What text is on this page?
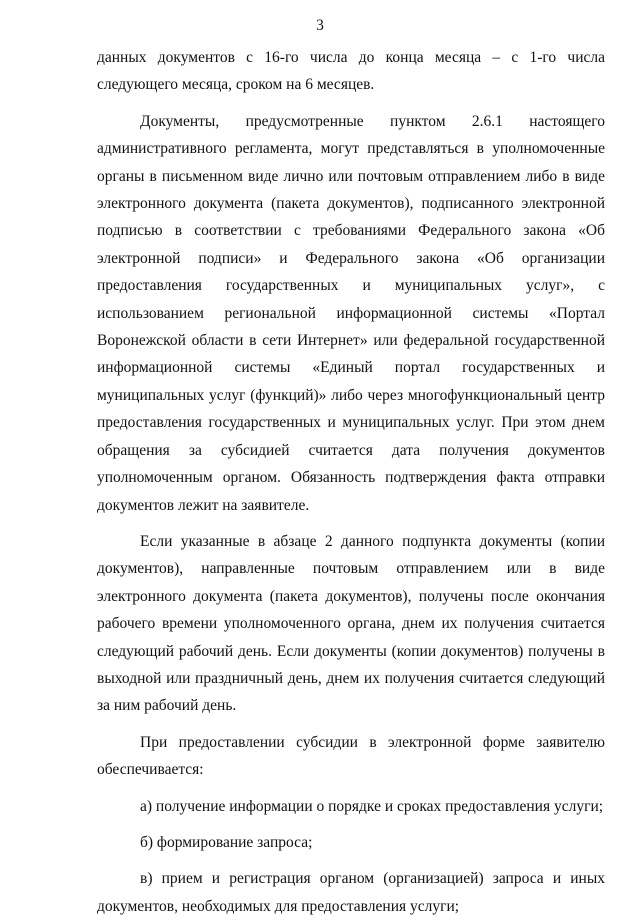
3

данных документов с 16-го числа до конца месяца – с 1-го числа следующего месяца, сроком на 6 месяцев.

Документы, предусмотренные пунктом 2.6.1 настоящего административного регламента, могут представляться в уполномоченные органы в письменном виде лично или почтовым отправлением либо в виде электронного документа (пакета документов), подписанного электронной подписью в соответствии с требованиями Федерального закона «Об электронной подписи» и Федерального закона «Об организации предоставления государственных и муниципальных услуг», с использованием региональной информационной системы «Портал Воронежской области в сети Интернет» или федеральной государственной информационной системы «Единый портал государственных и муниципальных услуг (функций)» либо через многофункциональный центр предоставления государственных и муниципальных услуг. При этом днем обращения за субсидией считается дата получения документов уполномоченным органом. Обязанность подтверждения факта отправки документов лежит на заявителе.

Если указанные в абзаце 2 данного подпункта документы (копии документов), направленные почтовым отправлением или в виде электронного документа (пакета документов), получены после окончания рабочего времени уполномоченного органа, днем их получения считается следующий рабочий день. Если документы (копии документов) получены в выходной или праздничный день, днем их получения считается следующий за ним рабочий день.

При предоставлении субсидии в электронной форме заявителю обеспечивается:

а) получение информации о порядке и сроках предоставления услуги;

б) формирование запроса;

в) прием и регистрация органом (организацией) запроса и иных документов, необходимых для предоставления услуги;
